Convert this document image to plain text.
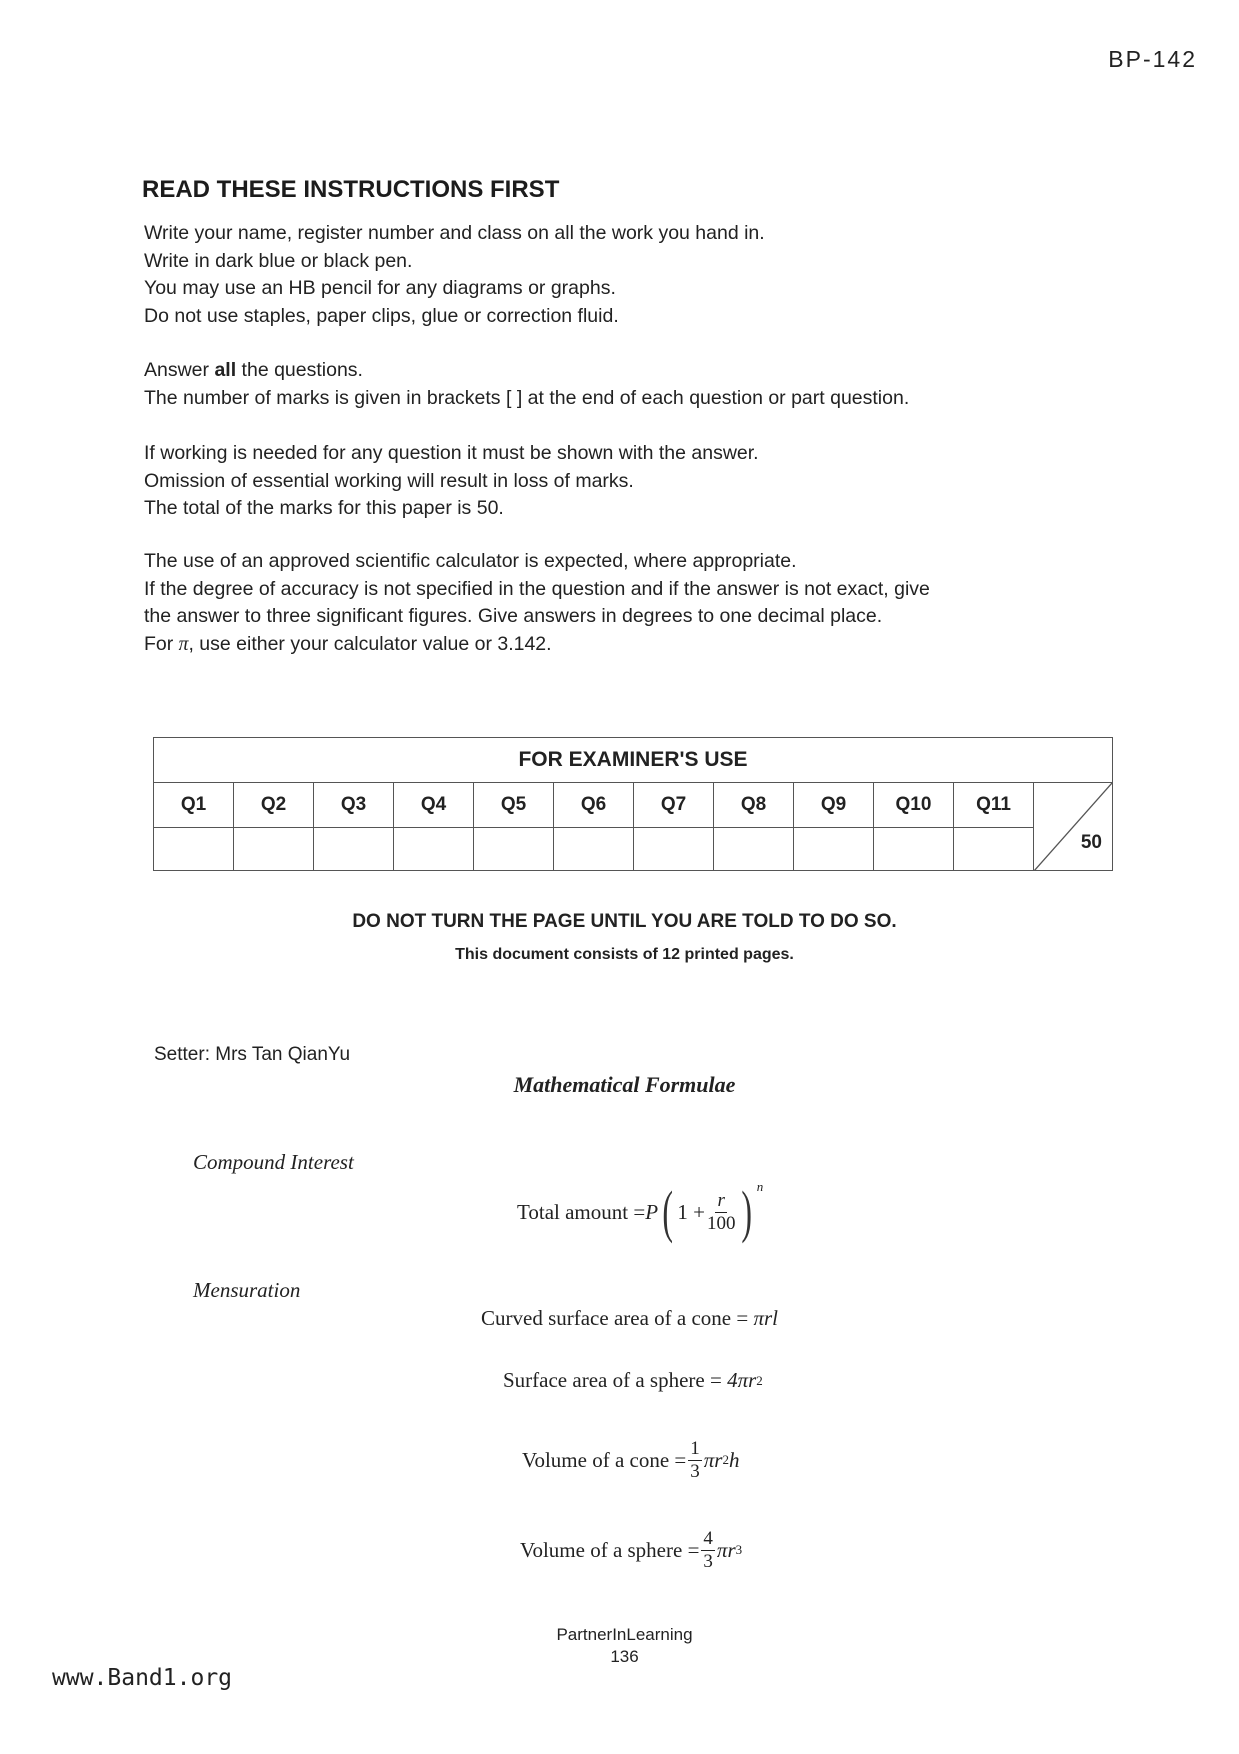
BP-142
READ THESE INSTRUCTIONS FIRST
Write your name, register number and class on all the work you hand in.
Write in dark blue or black pen.
You may use an HB pencil for any diagrams or graphs.
Do not use staples, paper clips, glue or correction fluid.
Answer all the questions.
The number of marks is given in brackets [ ] at the end of each question or part question.
If working is needed for any question it must be shown with the answer.
Omission of essential working will result in loss of marks.
The total of the marks for this paper is 50.
The use of an approved scientific calculator is expected, where appropriate.
If the degree of accuracy is not specified in the question and if the answer is not exact, give
the answer to three significant figures. Give answers in degrees to one decimal place.
For π, use either your calculator value or 3.142.
FOR EXAMINER'S USE											
Q1	Q2	Q3	Q4	Q5	Q6	Q7	Q8	Q9	Q10	Q11	50

DO NOT TURN THE PAGE UNTIL YOU ARE TOLD TO DO SO.
This document consists of 12 printed pages.
Setter: Mrs Tan QianYu
Mathematical Formulae
Compound Interest
Total amount = P ( $1 + \frac{r}{100}$ ) $^n$
Mensuration
Curved surface area of a cone =
πrl
Surface area of a sphere =
4πr 2
Volume of a cone = $\frac{1}{3}$ πr 2 h
Volume of a sphere = $\frac{4}{3}$ πr 3
PartnerInLearning
136
www.Band1.org
